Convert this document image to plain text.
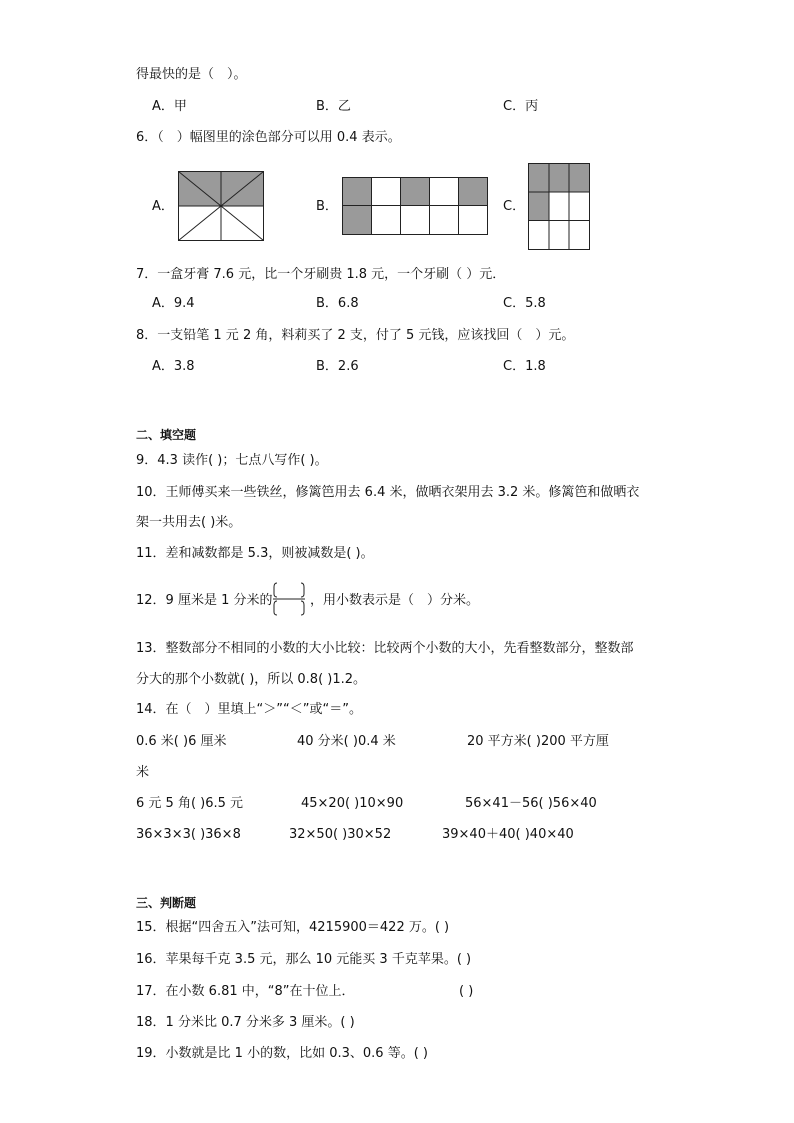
得最快的是（　）。
A．甲	B．乙	C．丙
6．（　）幅图里的涂色部分可以用 0.4 表示。
A．	B．	C．
7．一盒牙膏 7.6 元，比一个牙刷贵 1.8 元，一个牙刷（ ）元．
A．9.4	B．6.8	C．5.8
8．一支铅笔 1 元 2 角，料莉买了 2 支，付了 5 元钱，应该找回（　）元。
A．3.8	B．2.6	C．1.8
二、填空题
9．4.3 读作( )；七点八写作( )。
10．王师傅买来一些铁丝，修篱笆用去 6.4 米，做晒衣架用去 3.2 米。修篱笆和做晒衣
架一共用去( )米。
11．差和减数都是 5.3，则被减数是( )。
12．9 厘米是 1 分米的	，用小数表示是（　）分米。
13．整数部分不相同的小数的大小比较：比较两个小数的大小，先看整数部分，整数部
分大的那个小数就( )，所以 0.8( )1.2。
14．在（　）里填上“＞”“＜”或“＝”。
0.6 米( )6 厘米	40 分米( )0.4 米	20 平方米( )200 平方厘
米
6 元 5 角( )6.5 元	45×20( )10×90	56×41－56( )56×40
36×3×3( )36×8	32×50( )30×52	39×40＋40( )40×40
三、判断题
15．根据“四舍五入”法可知，4215900＝422 万。( )
16．苹果每千克 3.5 元，那么 10 元能买 3 千克苹果。( )
17．在小数 6.81 中，“8”在十位上．	( )
18．1 分米比 0.7 分米多 3 厘米。( )
19．小数就是比 1 小的数，比如 0.3、0.6 等。( )
